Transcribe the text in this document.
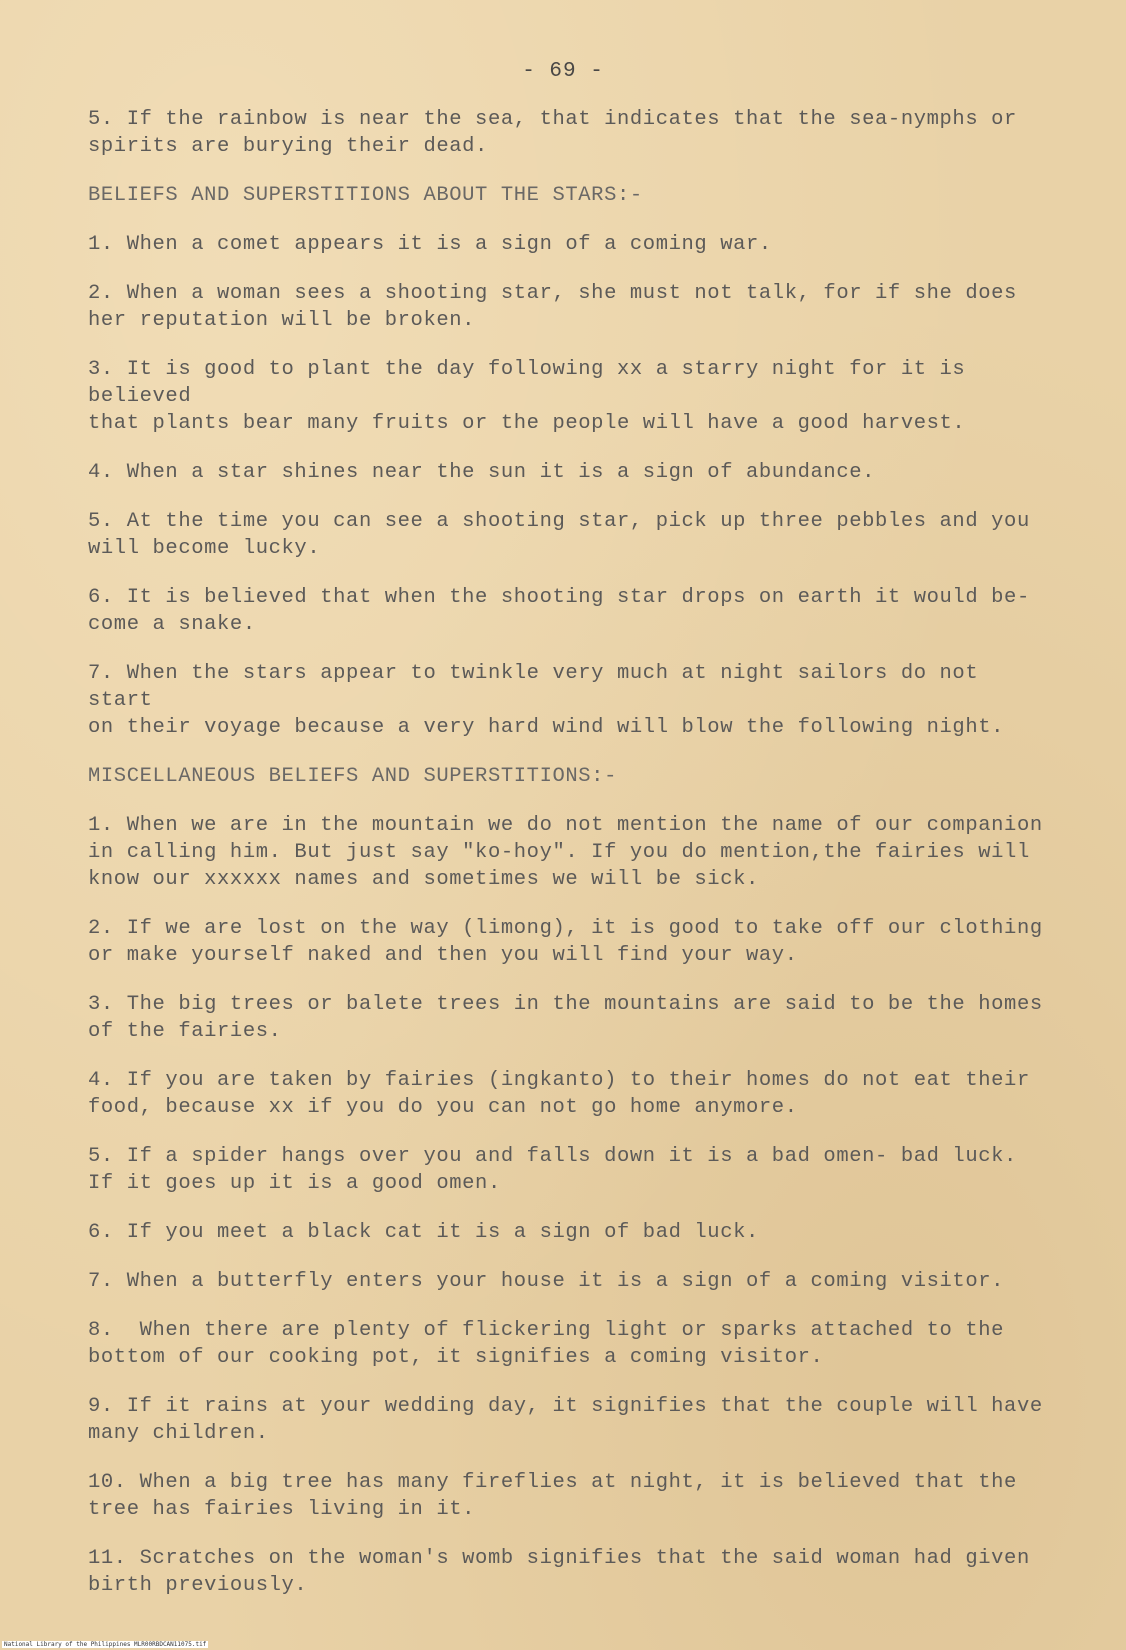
- 69 -

5. If the rainbow is near the sea, that indicates that the sea-nymphs or
spirits are burying their dead.

BELIEFS AND SUPERSTITIONS ABOUT THE STARS:-

1. When a comet appears it is a sign of a coming war.

2. When a woman sees a shooting star, she must not talk, for if she does
her reputation will be broken.

3. It is good to plant the day following xx a starry night for it is believed
that plants bear many fruits or the people will have a good harvest.

4. When a star shines near the sun it is a sign of abundance.

5. At the time you can see a shooting star, pick up three pebbles and you
will become lucky.

6. It is believed that when the shooting star drops on earth it would be-
come a snake.

7. When the stars appear to twinkle very much at night sailors do not start
on their voyage because a very hard wind will blow the following night.

MISCELLANEOUS BELIEFS AND SUPERSTITIONS:-

1. When we are in the mountain we do not mention the name of our companion
in calling him. But just say "ko-hoy". If you do mention,the fairies will
know our xxxxxx names and sometimes we will be sick.

2. If we are lost on the way (limong), it is good to take off our clothing
or make yourself naked and then you will find your way.

3. The big trees or balete trees in the mountains are said to be the homes
of the fairies.

4. If you are taken by fairies (ingkanto) to their homes do not eat their
food, because xx if you do you can not go home anymore.

5. If a spider hangs over you and falls down it is a bad omen- bad luck.
If it goes up it is a good omen.

6. If you meet a black cat it is a sign of bad luck.

7. When a butterfly enters your house it is a sign of a coming visitor.

8.  When there are plenty of flickering light or sparks attached to the
bottom of our cooking pot, it signifies a coming visitor.

9. If it rains at your wedding day, it signifies that the couple will have
many children.

10. When a big tree has many fireflies at night, it is believed that the
tree has fairies living in it.

11. Scratches on the woman's womb signifies that the said woman had given
birth previously.

National Library of the Philippines MLR00RBDCAN11075.tif
